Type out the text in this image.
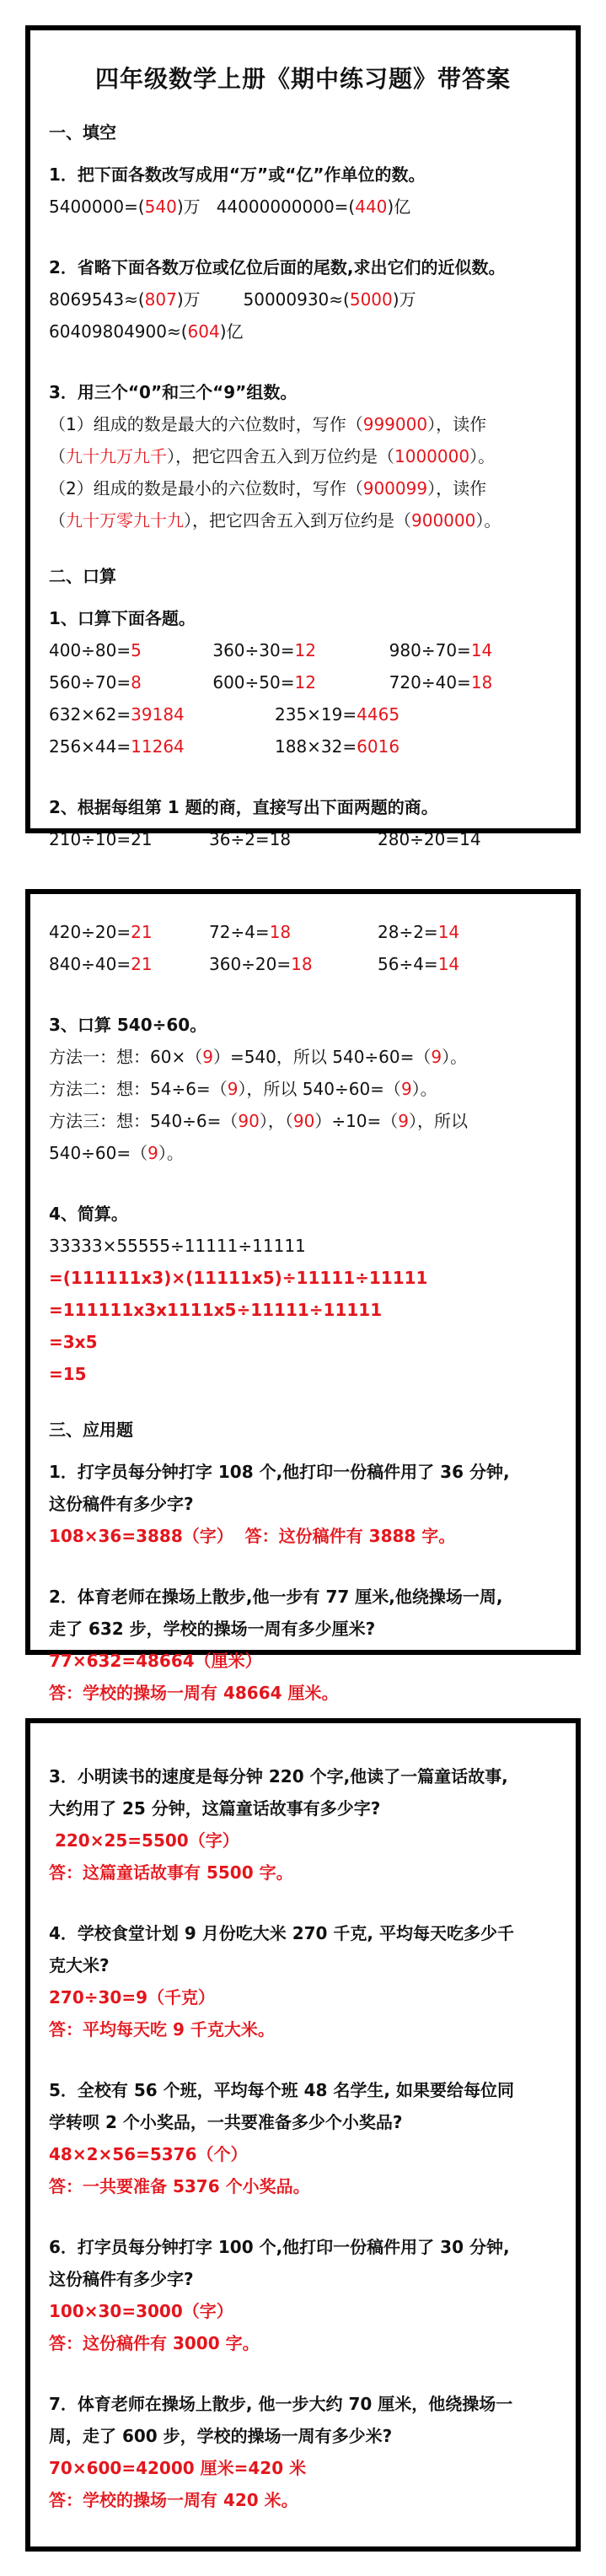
四年级数学上册《期中练习题》带答案
一、填空
1．把下面各数改写成用“万”或“亿”作单位的数。
5400000=(540)万   44000000000=(440)亿
2．省略下面各数万位或亿位后面的尾数,求出它们的近似数。
8069543≈(807)万        50000930≈(5000)万
60409804900≈(604)亿
3．用三个“0”和三个“9”组数。
（1）组成的数是最大的六位数时，写作（999000），读作
（九十九万九千），把它四舍五入到万位约是（1000000）。
（2）组成的数是最小的六位数时，写作（900099），读作
（九十万零九十九），把它四舍五入到万位约是（900000）。
二、口算
1、口算下面各题。
400÷80=5	360÷30=12	980÷70=14
560÷70=8	600÷50=12	720÷40=18
632×62=39184	235×19=4465
256×44=11264	188×32=6016
2、根据每组第 1 题的商，直接写出下面两题的商。
210÷10=21	36÷2=18	280÷20=14
420÷20=21	72÷4=18	28÷2=14
840÷40=21	360÷20=18	56÷4=14
3、口算 540÷60。
方法一：想：60×（9）=540，所以 540÷60=（9）。
方法二：想：54÷6=（9），所以 540÷60=（9）。
方法三：想：540÷6=（90），（90）÷10=（9），所以
540÷60=（9）。
4、简算。
33333×55555÷11111÷11111
=(111111x3)×(11111x5)÷11111÷11111
=111111x3x1111x5÷11111÷11111
=3x5
=15
三、应用题
1．打字员每分钟打字 108 个,他打印一份稿件用了 36 分钟,
这份稿件有多少字?
108×36=3888（字）  答：这份稿件有 3888 字。
2．体育老师在操场上散步,他一步有 77 厘米,他绕操场一周,
走了 632 步，学校的操场一周有多少厘米?
77×632=48664（厘米）
答：学校的操场一周有 48664 厘米。
3．小明读书的速度是每分钟 220 个字,他读了一篇童话故事,
大约用了 25 分钟，这篇童话故事有多少字?
220×25=5500（字）
答：这篇童话故事有 5500 字。
4．学校食堂计划 9 月份吃大米 270 千克, 平均每天吃多少千
克大米?
270÷30=9（千克）
答：平均每天吃 9 千克大米。
5．全校有 56 个班，平均每个班 48 名学生, 如果要给每位同
学转呗 2 个小奖品，一共要准备多少个小奖品?
48×2×56=5376（个）
答：一共要准备 5376 个小奖品。
6．打字员每分钟打字 100 个,他打印一份稿件用了 30 分钟,
这份稿件有多少字?
100×30=3000（字）
答：这份稿件有 3000 字。
7．体育老师在操场上散步, 他一步大约 70 厘米，他绕操场一
周，走了 600 步，学校的操场一周有多少米?
70×600=42000 厘米=420 米
答：学校的操场一周有 420 米。
